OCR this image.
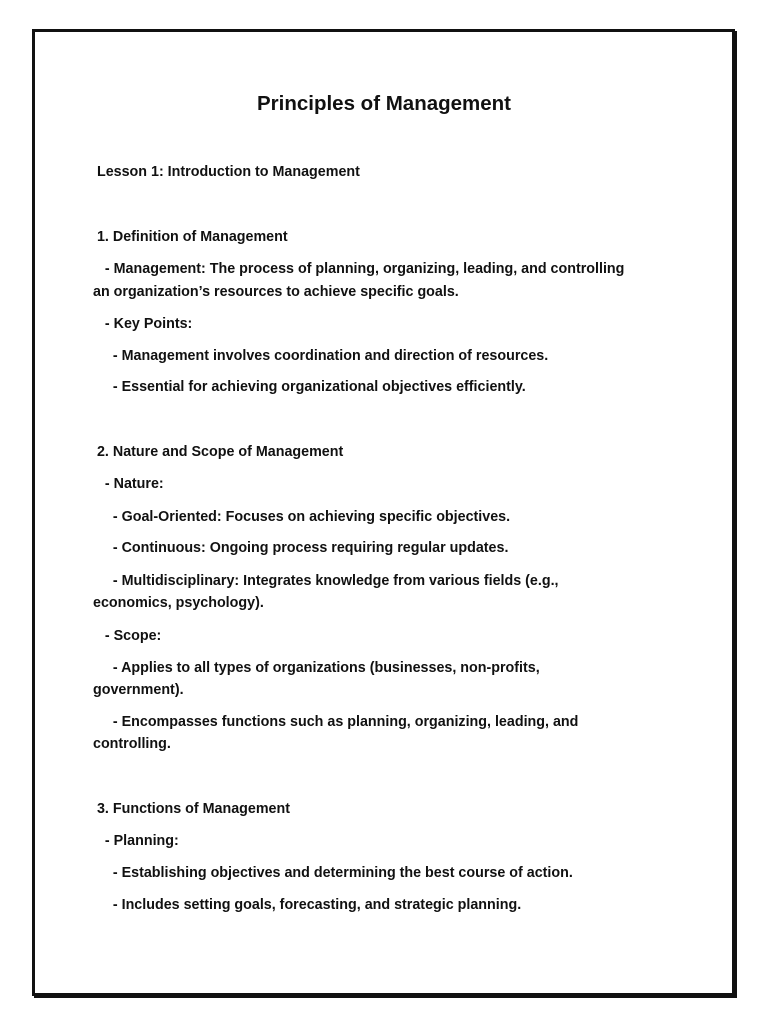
Principles of Management

Lesson 1: Introduction to Management

1. Definition of Management

- Management: The process of planning, organizing, leading, and controlling

an organization’s resources to achieve specific goals.

- Key Points:

- Management involves coordination and direction of resources.

- Essential for achieving organizational objectives efficiently.

2. Nature and Scope of Management

- Nature:

- Goal-Oriented: Focuses on achieving specific objectives.

- Continuous: Ongoing process requiring regular updates.

- Multidisciplinary: Integrates knowledge from various fields (e.g.,

economics, psychology).

- Scope:

- Applies to all types of organizations (businesses, non-profits,

government).

- Encompasses functions such as planning, organizing, leading, and

controlling.

3. Functions of Management

- Planning:

- Establishing objectives and determining the best course of action.

- Includes setting goals, forecasting, and strategic planning.
